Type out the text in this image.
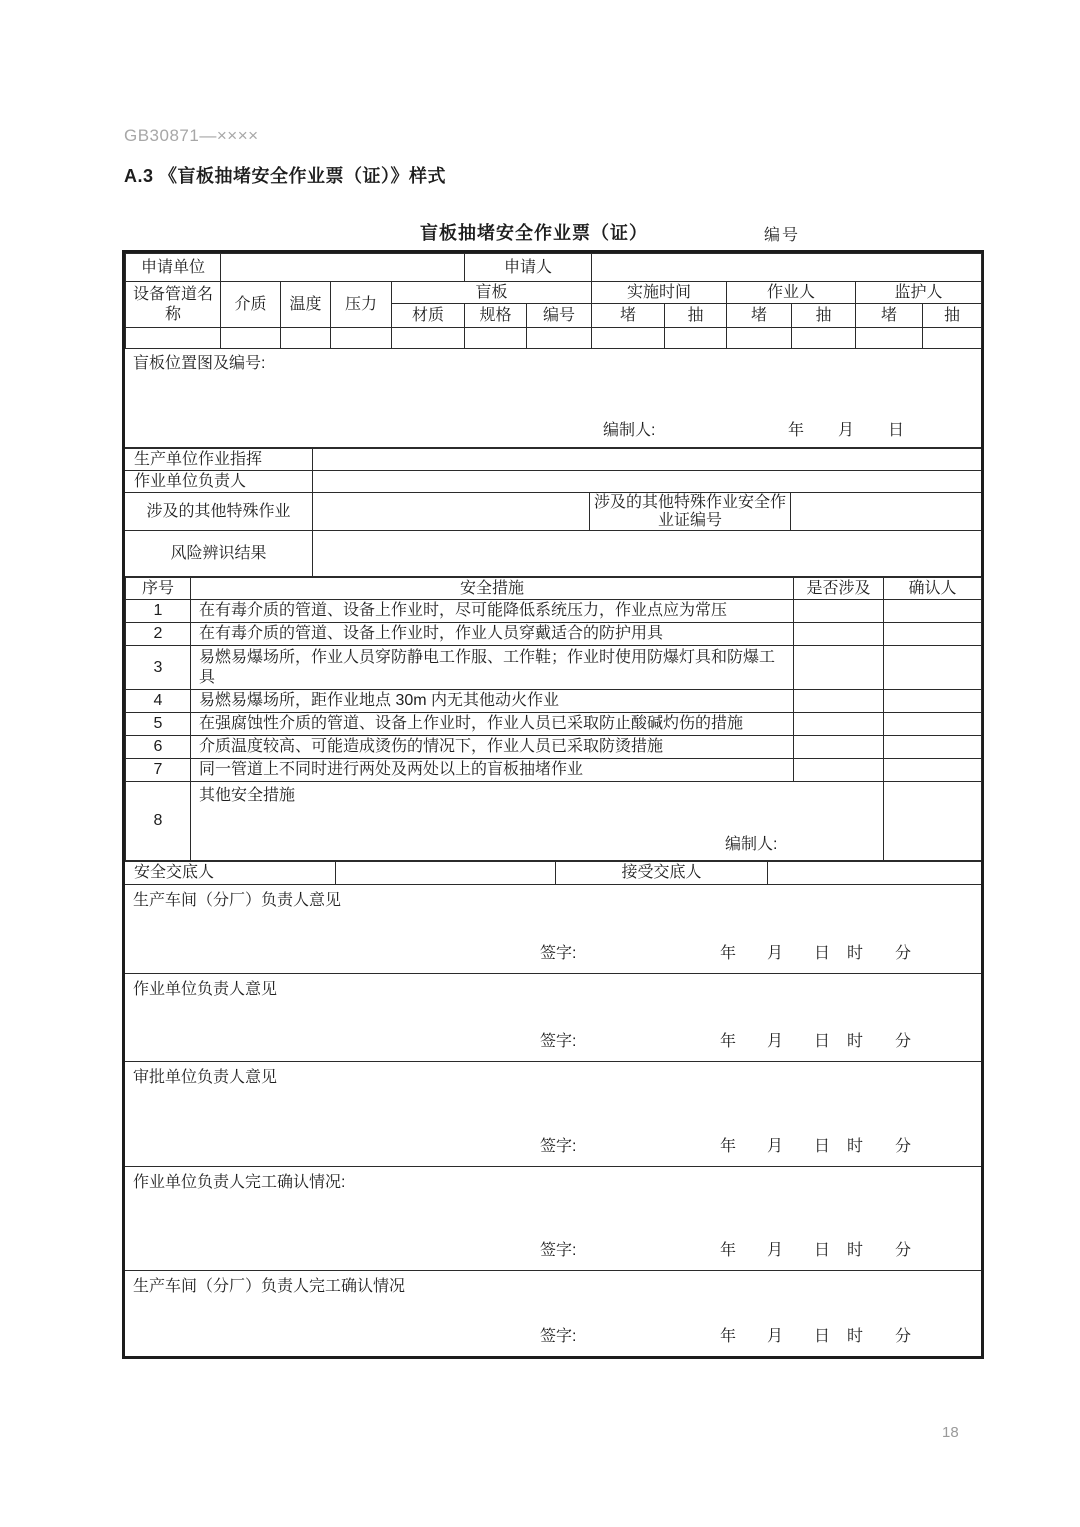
GB30871—××××
A.3 《盲板抽堵安全作业票（证）》样式
盲板抽堵安全作业票（证）	编号
18
申请单位					申请人							
设备管道名称	介质	温度	压力	盲板			实施时间		作业人		监护人	
				材质	规格	编号	堵	抽	堵	抽	堵	抽

盲板位置图及编号:
编制人:	年 月 日
生产单位作业指挥
作业单位负责人
涉及的其他特殊作业
涉及的其他特殊作业安全作业证编号
风险辨识结果
序号	安全措施	是否涉及	确认人
1	在有毒介质的管道、设备上作业时，尽可能降低系统压力，作业点应为常压		
2	在有毒介质的管道、设备上作业时，作业人员穿戴适合的防护用具		
3	易燃易爆场所，作业人员穿防静电工作服、工作鞋；作业时使用防爆灯具和防爆工具		
4	易燃易爆场所，距作业地点 30m 内无其他动火作业		
5	在强腐蚀性介质的管道、设备上作业时，作业人员已采取防止酸碱灼伤的措施		
6	介质温度较高、可能造成烫伤的情况下，作业人员已采取防烫措施		
7	同一管道上不同时进行两处及两处以上的盲板抽堵作业		
8	其他安全措施
编制人:		

安全交底人	接受交底人
生产车间（分厂）负责人意见
签字:	年 月 日 时 分
作业单位负责人意见
签字:	年 月 日 时 分
审批单位负责人意见
签字:	年 月 日 时 分
作业单位负责人完工确认情况:
签字:	年 月 日 时 分
生产车间（分厂）负责人完工确认情况
签字:	年 月 日 时 分
